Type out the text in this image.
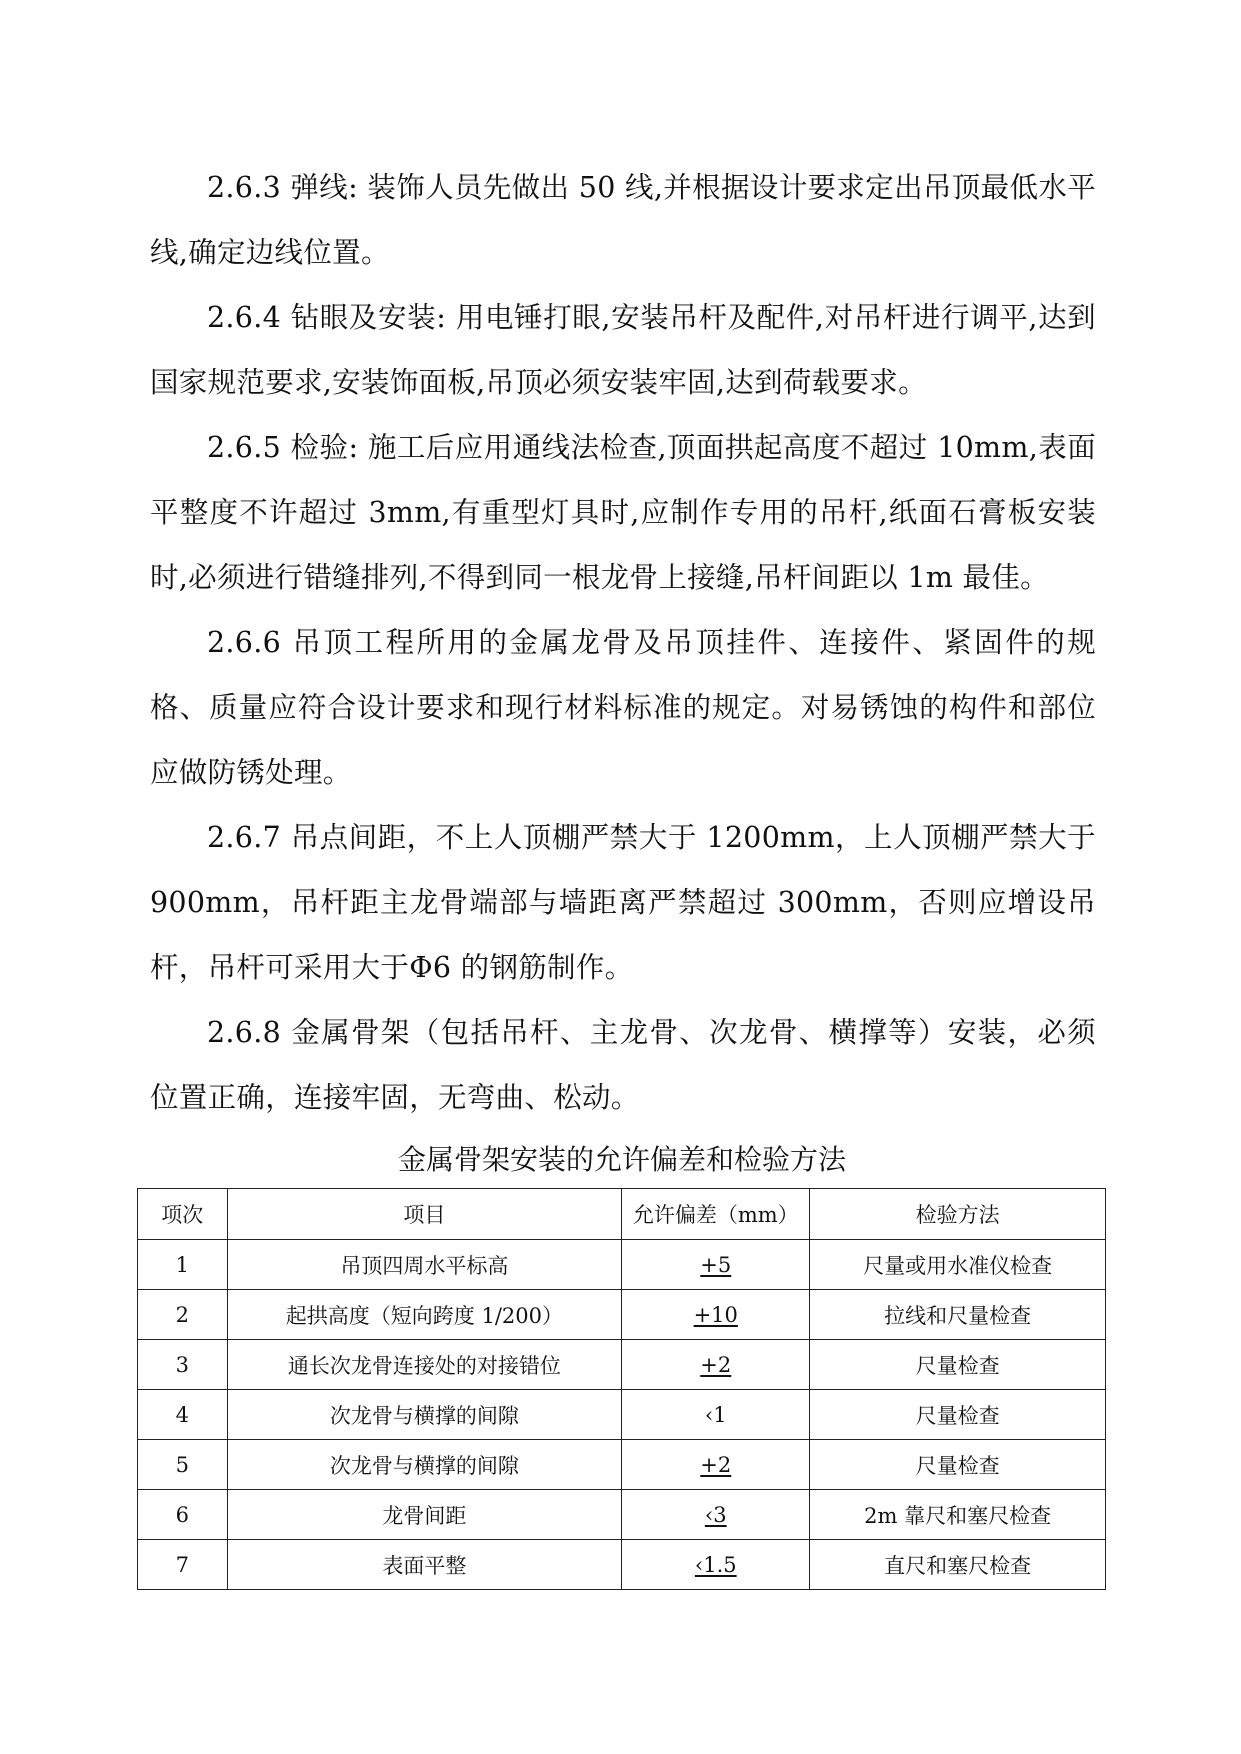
2.6.3 弹线: 装饰人员先做出 50 线,并根据设计要求定出吊顶最低水平线,确定边线位置。

2.6.4 钻眼及安装: 用电锤打眼,安装吊杆及配件,对吊杆进行调平,达到国家规范要求,安装饰面板,吊顶必须安装牢固,达到荷载要求。

2.6.5 检验: 施工后应用通线法检查,顶面拱起高度不超过 10mm,表面平整度不许超过 3mm,有重型灯具时,应制作专用的吊杆,纸面石膏板安装时,必须进行错缝排列,不得到同一根龙骨上接缝,吊杆间距以 1m 最佳。

2.6.6 吊顶工程所用的金属龙骨及吊顶挂件、连接件、紧固件的规格、质量应符合设计要求和现行材料标准的规定。对易锈蚀的构件和部位应做防锈处理。

2.6.7 吊点间距，不上人顶棚严禁大于 1200mm，上人顶棚严禁大于 900mm，吊杆距主龙骨端部与墙距离严禁超过 300mm，否则应增设吊杆，吊杆可采用大于Φ6 的钢筋制作。

2.6.8 金属骨架（包括吊杆、主龙骨、次龙骨、横撑等）安装，必须位置正确，连接牢固，无弯曲、松动。

金属骨架安装的允许偏差和检验方法

项次	项目	允许偏差（mm）	检验方法
1	吊顶四周水平标高	+5	尺量或用水准仪检查
2	起拱高度（短向跨度 1/200）	+10	拉线和尺量检查
3	通长次龙骨连接处的对接错位	+2	尺量检查
4	次龙骨与横撑的间隙	‹1	尺量检查
5	次龙骨与横撑的间隙	+2	尺量检查
6	龙骨间距	‹3	2m 靠尺和塞尺检查
7	表面平整	‹1.5	直尺和塞尺检查
